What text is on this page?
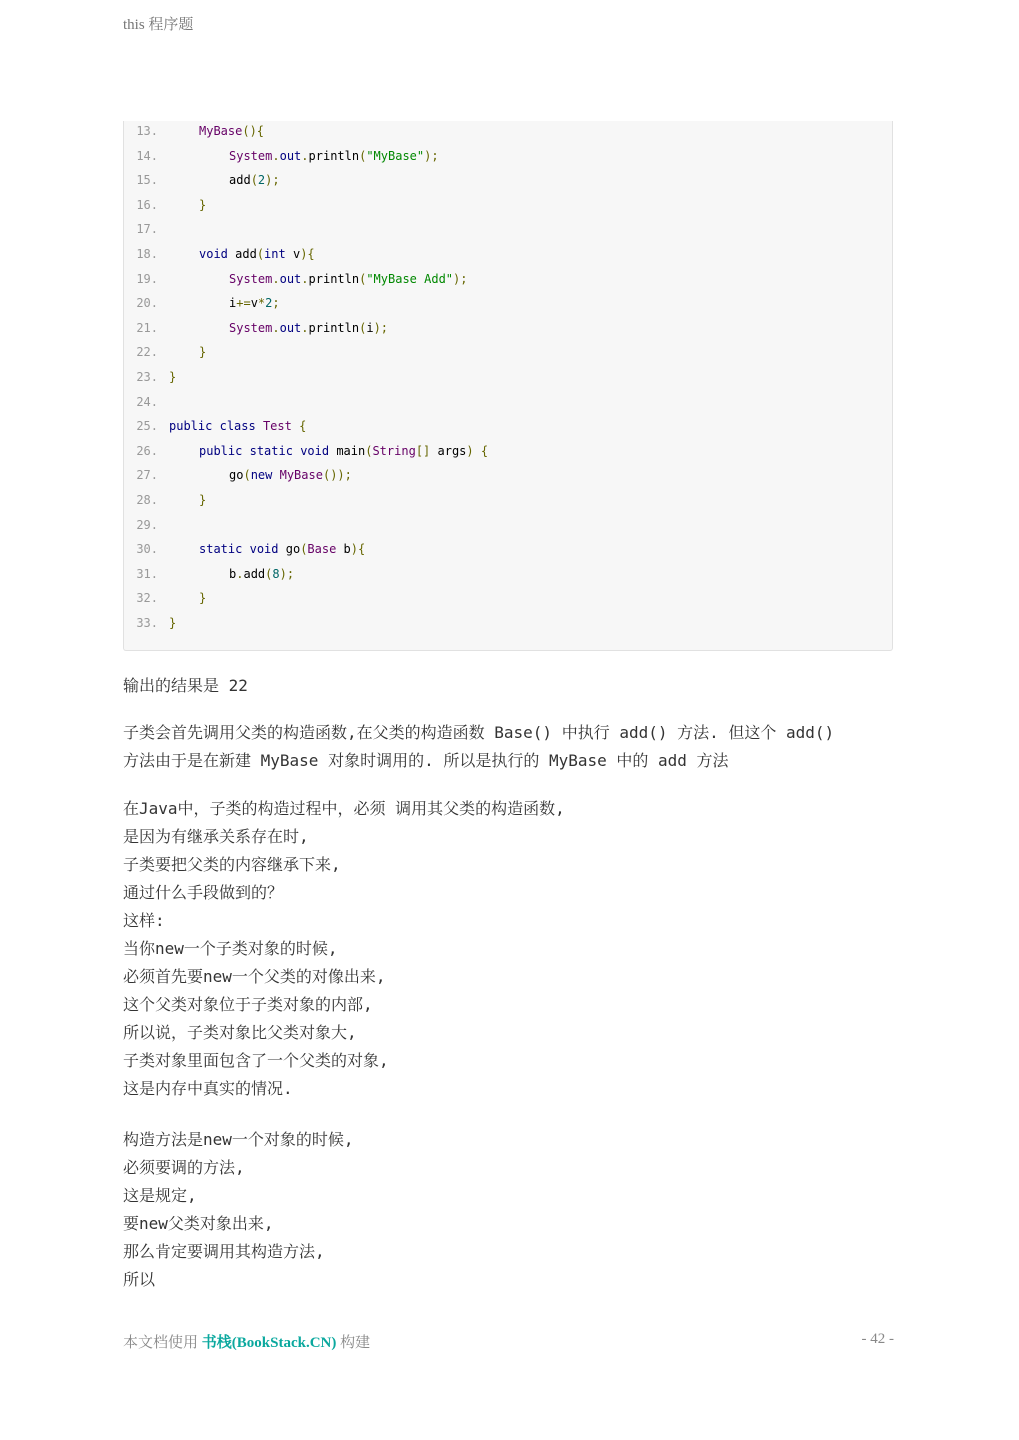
this 程序题
13.	MyBase(){
14.	System.out.println("MyBase");
15.	add(2);
16.	}
17.
18.	void add(int v){
19.	System.out.println("MyBase Add");
20.	i+=v*2;
21.	System.out.println(i);
22.	}
23. }
24.
25. public class Test {
26.	public static void main(String[] args) {
27.	go(new MyBase());
28.	}
29.
30.	static void go(Base b){
31.	b.add(8);
32.	}
33. }
输出的结果是 22
子类会首先调用父类的构造函数,在父类的构造函数 Base() 中执行 add() 方法. 但这个 add()
方法由于是在新建 MyBase 对象时调用的. 所以是执行的 MyBase 中的 add 方法
在Java中，子类的构造过程中，必须 调用其父类的构造函数,
是因为有继承关系存在时,
子类要把父类的内容继承下来,
通过什么手段做到的？
这样:
当你new一个子类对象的时候,
必须首先要new一个父类的对像出来,
这个父类对象位于子类对象的内部,
所以说，子类对象比父类对象大,
子类对象里面包含了一个父类的对象,
这是内存中真实的情况.
构造方法是new一个对象的时候,
必须要调的方法,
这是规定,
要new父类对象出来,
那么肯定要调用其构造方法,
所以
本文档使用 书栈(BookStack.CN) 构建	- 42 -
